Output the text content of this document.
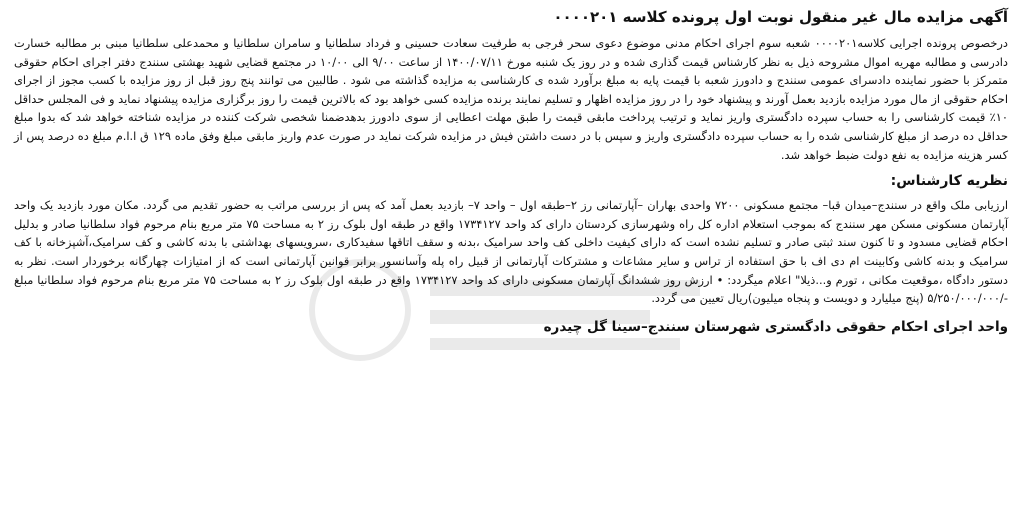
آگهی مزایده مال غیر منقول نوبت اول پرونده کلاسه ۰۰۰۰۲۰۱

درخصوص پرونده اجرایی کلاسه۰۰۰۰۲۰۱ شعبه سوم اجرای احکام مدنی موضوع دعوی سحر فرجی به طرفیت سعادت حسینی و فرداد سلطانیا و سامران سلطانیا و محمدعلی سلطانیا مبنی بر مطالبه خسارت دادرسی و مطالبه مهریه اموال مشروحه ذیل به نظر کارشناس قیمت گذاری شده و در روز یک شنبه مورخ ۱۴۰۰/۰۷/۱۱ از ساعت ۹/۰۰ الی ۱۰/۰۰ در مجتمع قضایی شهید بهشتی سنندج دفتر اجرای احکام حقوقی متمرکز با حضور نماینده دادسرای عمومی سنندج و دادورز شعبه با قیمت پایه به مبلغ برآورد شده ی کارشناسی به مزایده گذاشته می شود . طالبین می توانند پنج روز قبل از روز مزایده با کسب مجوز از اجرای احکام حقوقی از مال مورد مزایده بازدید بعمل آورند و پیشنهاد خود را در روز مزایده اظهار و تسلیم نمایند برنده مزایده کسی خواهد بود که بالاترین قیمت را روز برگزاری مزایده پیشنهاد نماید و فی المجلس حداقل ۱۰٪ قیمت کارشناسی را به حساب سپرده دادگستری واریز نماید و ترتیب پرداخت مابقی قیمت را طبق مهلت اعطایی از سوی دادورز بدهدضمنا شخصی شرکت کننده در مزایده شناخته خواهد شد که بدوا مبلغ حداقل ده درصد از مبلغ کارشناسی شده را به حساب سپرده دادگستری واریز و سپس با در دست داشتن فیش در مزایده شرکت نماید در صورت عدم واریز مابقی مبلغ وفق ماده ۱۲۹ ق ا.ا.م مبلغ ده درصد پس از کسر هزینه مزایده به نفع دولت ضبط خواهد شد.

نظریه کارشناس:

ارزیابی ملک واقع در سنندج–میدان قبا– مجتمع مسکونی ۷۲۰۰ واحدی بهاران –آپارتمانی رز ۲–طبقه اول – واحد ۷– بازدید بعمل آمد که پس از بررسی مراتب به حضور تقدیم می گردد. مکان مورد بازدید یک واحد آپارتمان مسکونی مسکن مهر سنندج که بموجب استعلام اداره کل راه وشهرسازی کردستان دارای کد واحد ۱۷۳۴۱۲۷ واقع در طبقه اول بلوک رز ۲ به مساحت ۷۵ متر مربع بنام مرحوم فواد سلطانیا صادر و بدلیل احکام قضایی مسدود و تا کنون سند ثبتی صادر و تسلیم نشده است که دارای کیفیت داخلی کف واحد سرامیک ،بدنه و سقف اتاقها سفیدکاری ،سرویسهای بهداشتی با بدنه کاشی و کف سرامیک،آشپزخانه با کف سرامیک و بدنه کاشی وکابینت ام دی اف با حق استفاده از تراس و سایر مشاعات و مشترکات آپارتمانی از قبیل راه پله وآسانسور برابر قوانین آپارتمانی است که از امتیازات چهارگانه برخوردار است. نظر به دستور دادگاه ،موقعیت مکانی ، تورم و...ذیلا" اعلام میگردد: • ارزش روز ششدانگ آپارتمان مسکونی دارای کد واحد ۱۷۳۴۱۲۷ واقع در طبقه اول بلوک رز ۲ به مساحت ۷۵ متر مربع بنام مرحوم فواد سلطانیا مبلغ -/۵/۲۵۰/۰۰۰/۰۰۰ (پنج میلیارد و دویست و پنجاه میلیون)ریال تعیین می گردد.

واحد اجرای احکام حقوقی دادگستری شهرستان سنندج–سینا گل چیدره
